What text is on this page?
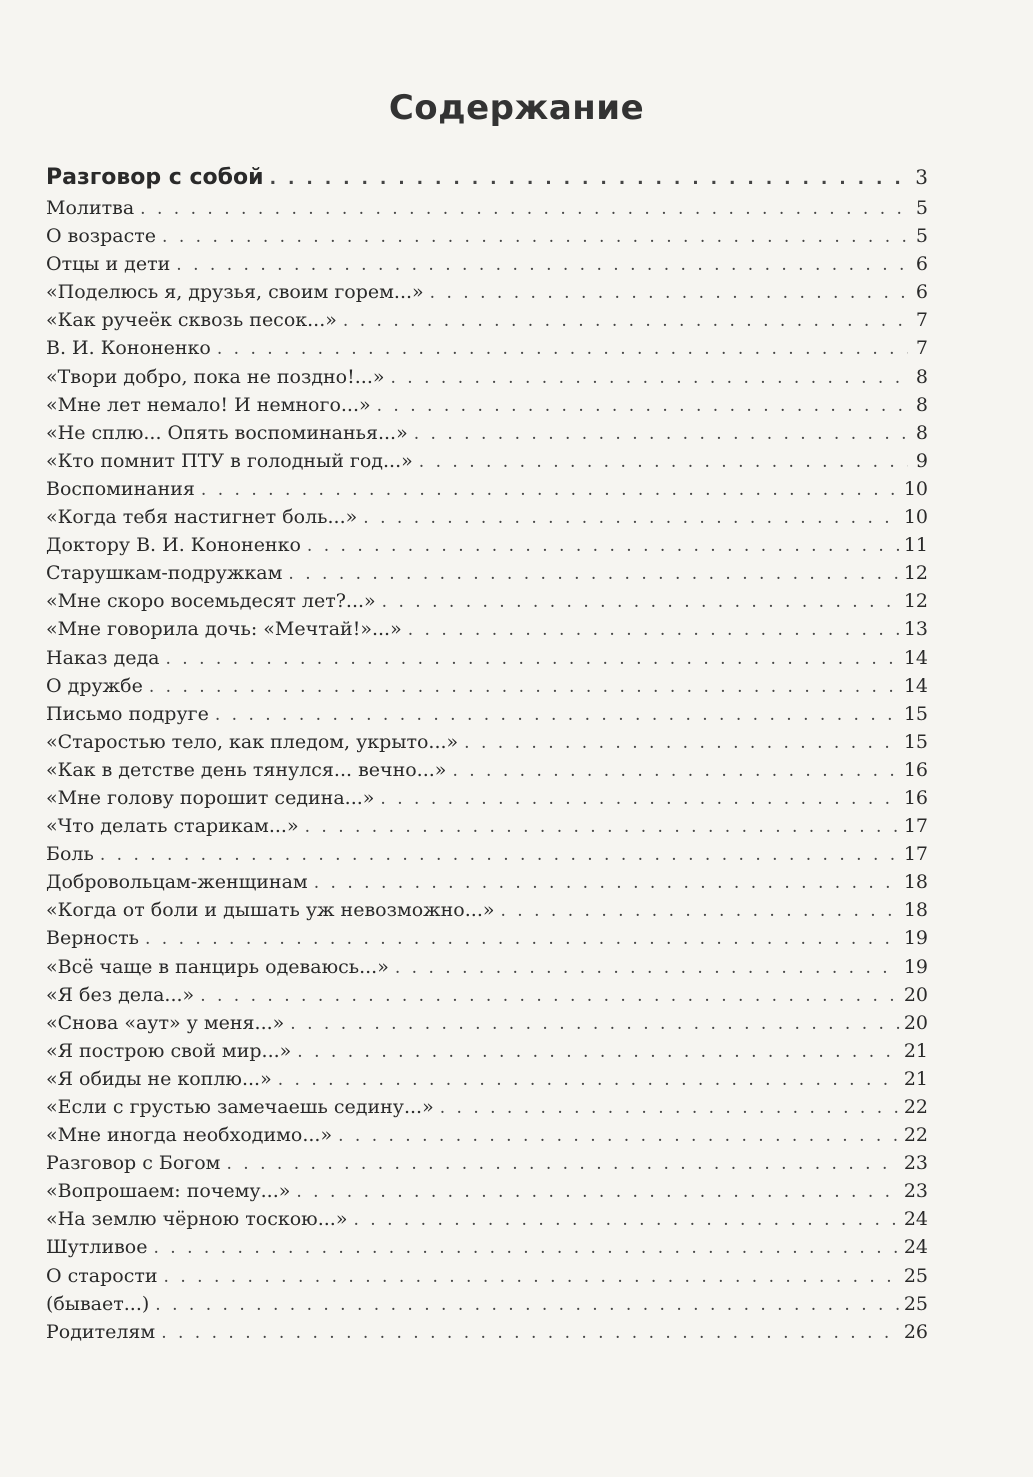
Содержание
Разговор с собой . . .	3
Молитва . . .	5
О возрасте . . .	5
Отцы и дети . . .	6
«Поделюсь я, друзья, своим горем...» . . .	6
«Как ручеёк сквозь песок...» . . .	7
В. И. Кононенко . . .	7
«Твори добро, пока не поздно!...» . . .	8
«Мне лет немало! И немного...» . . .	8
«Не сплю... Опять воспоминанья...» . . .	8
«Кто помнит ПТУ в голодный год...» . . .	9
Воспоминания . . .	10
«Когда тебя настигнет боль...» . . .	10
Доктору В. И. Кононенко . . .	11
Старушкам-подружкам . . .	12
«Мне скоро восемьдесят лет?...» . . .	12
«Мне говорила дочь: «Мечтай!»...» . . .	13
Наказ деда . . .	14
О дружбе . . .	14
Письмо подруге . . .	15
«Старостью тело, как пледом, укрыто...» . . .	15
«Как в детстве день тянулся... вечно...» . . .	16
«Мне голову порошит седина...» . . .	16
«Что делать старикам...» . . .	17
Боль . . .	17
Добровольцам-женщинам . . .	18
«Когда от боли и дышать уж невозможно...» . . .	18
Верность . . .	19
«Всё чаще в панцирь одеваюсь...» . . .	19
«Я без дела...» . . .	20
«Снова «аут» у меня...» . . .	20
«Я построю свой мир...» . . .	21
«Я обиды не коплю...» . . .	21
«Если с грустью замечаешь седину...» . . .	22
«Мне иногда необходимо...» . . .	22
Разговор с Богом . . .	23
«Вопрошаем: почему...» . . .	23
«На землю чёрною тоскою...» . . .	24
Шутливое . . .	24
О старости . . .	25
(бывает...) . . .	25
Родителям . . .	26
